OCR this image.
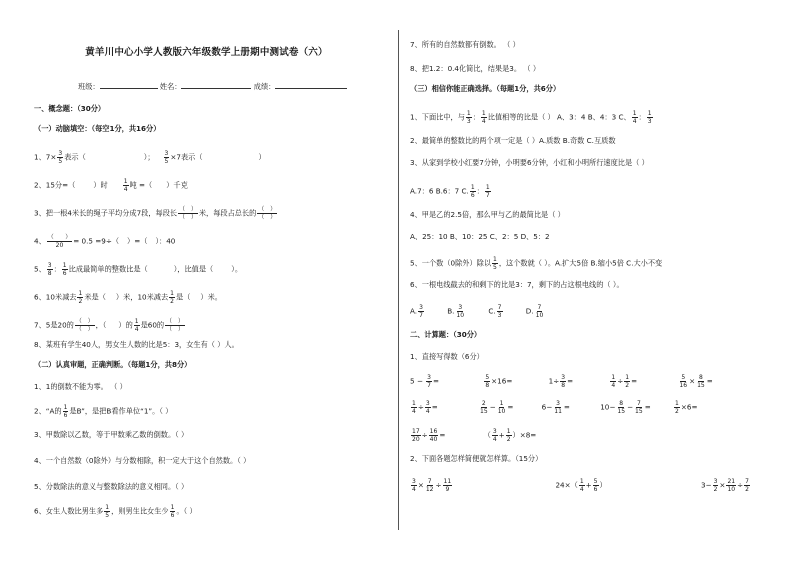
黄羊川中心小学人教版六年级数学上册期中测试卷（六）
班级：	姓名：	成绩：
一、概念题：（30分）
（一）动脑填空：（每空1分，共16分）
1、$7\times \frac{3}{5}$ 表示（	）； $\frac{3}{5} \times 7$表示（	）
2、15分=（	）时	$\frac{1}{4}$ 吨 =（ ）千克
3、把一根4米长的绳子平均分成7段，每段长 $\frac{( )}{( )}$ 米，每段占总长的 $\frac{( )}{( )}$
4、 $\frac{( )}{20} = 0.5 =9\div$（ ）=（ ）：40
5、 $\frac{3}{8}$ ： $\frac{1}{6}$ 比成最简单的整数比是（	），比值是（	）。
6、10米减去 $\frac{1}{2}$ 米是（ ）米，10米减去 $\frac{1}{2}$ 是（ ）米。
7、5是20的 $\frac{( )}{( )}$ ，（ ）的 $\frac{1}{4}$ 是60的 $\frac{( )}{( )}$
8、某班有学生40人，男女生人数的比是5：3，女生有（ ）人。
（二）认真审题，正确判断。（每题1分，共8分）
1、1的倒数不能为零。 （ ）
2、“A的 $\frac{1}{6}$ 是B”，是把B看作单位“1”。（ ）
3、甲数除以乙数，等于甲数乘乙数的倒数。（ ）
4、一个自然数（0除外）与分数相除，积一定大于这个自然数。（ ）
5、分数除法的意义与整数除法的意义相同。（ ）
6、女生人数比男生多 $\frac{1}{5}$ ，则男生比女生少 $\frac{1}{6}$ 。（ ）
7、所有的自然数都有倒数。 （ ）
8、把1.2：0.4化简比，结果是3。 （ ）
（三）相信你能正确选择。（每题1分，共6分）
1、下面比中，与 $\frac{1}{3}$ ： $\frac{1}{4}$ 比值相等的比是（ ） A、3：4 B、4：3 C、 $\frac{1}{4}$ ： $\frac{1}{3}$
2、最简单的整数比的两个项一定是（ ）A.质数 B.奇数 C.互质数
3、从家到学校小红要7分钟，小明要6分钟，小红和小明所行速度比是（ ）
A.7：6 B.6：7 C. $\frac{1}{6}$ ： $\frac{1}{7}$
4、甲是乙的2.5倍，那么甲与乙的最简比是（ ）
A、25：10 B、10：25 C、2：5 D、5：2
5、一个数（0除外）除以 $\frac{1}{5}$ ，这个数就（ ）。A.扩大5倍 B.缩小5倍 C.大小不变
6、一根电线截去的和剩下的比是3：7，剩下的占这根电线的（ ）。
A. $\frac{3}{7}$	B. $\frac{3}{10}$	C. $\frac{7}{3}$	D. $\frac{7}{10}$
二、计算题：（30分）
1、直接写得数（6分）
$5 - \frac{3}{7}$ =	$\frac{5}{8} \times 16=$	$1\div \frac{3}{8}$ =	$\frac{1}{4} \div \frac{1}{2}$ =	$\frac{5}{16} \times \frac{8}{15}$ =
$\frac{1}{4} \div \frac{3}{4}$ =	$\frac{2}{15} - \frac{1}{10}$ =	$6- \frac{3}{11}$ =	$10- \frac{8}{15} - \frac{7}{15}$ =	$\frac{1}{2} \times 6=$
$\frac{17}{20} \div \frac{16}{40}$ =	（ $\frac{3}{4} + \frac{1}{2} )\times 8=$
2、下面各题怎样简便就怎样算。（15分）
$\frac{3}{4} \times \frac{7}{12} \div \frac{11}{9}$	$24\times( \frac{1}{4} + \frac{5}{6}$ ）	$3- \frac{3}{2} \times \frac{21}{10} \div \frac{7}{2}$
